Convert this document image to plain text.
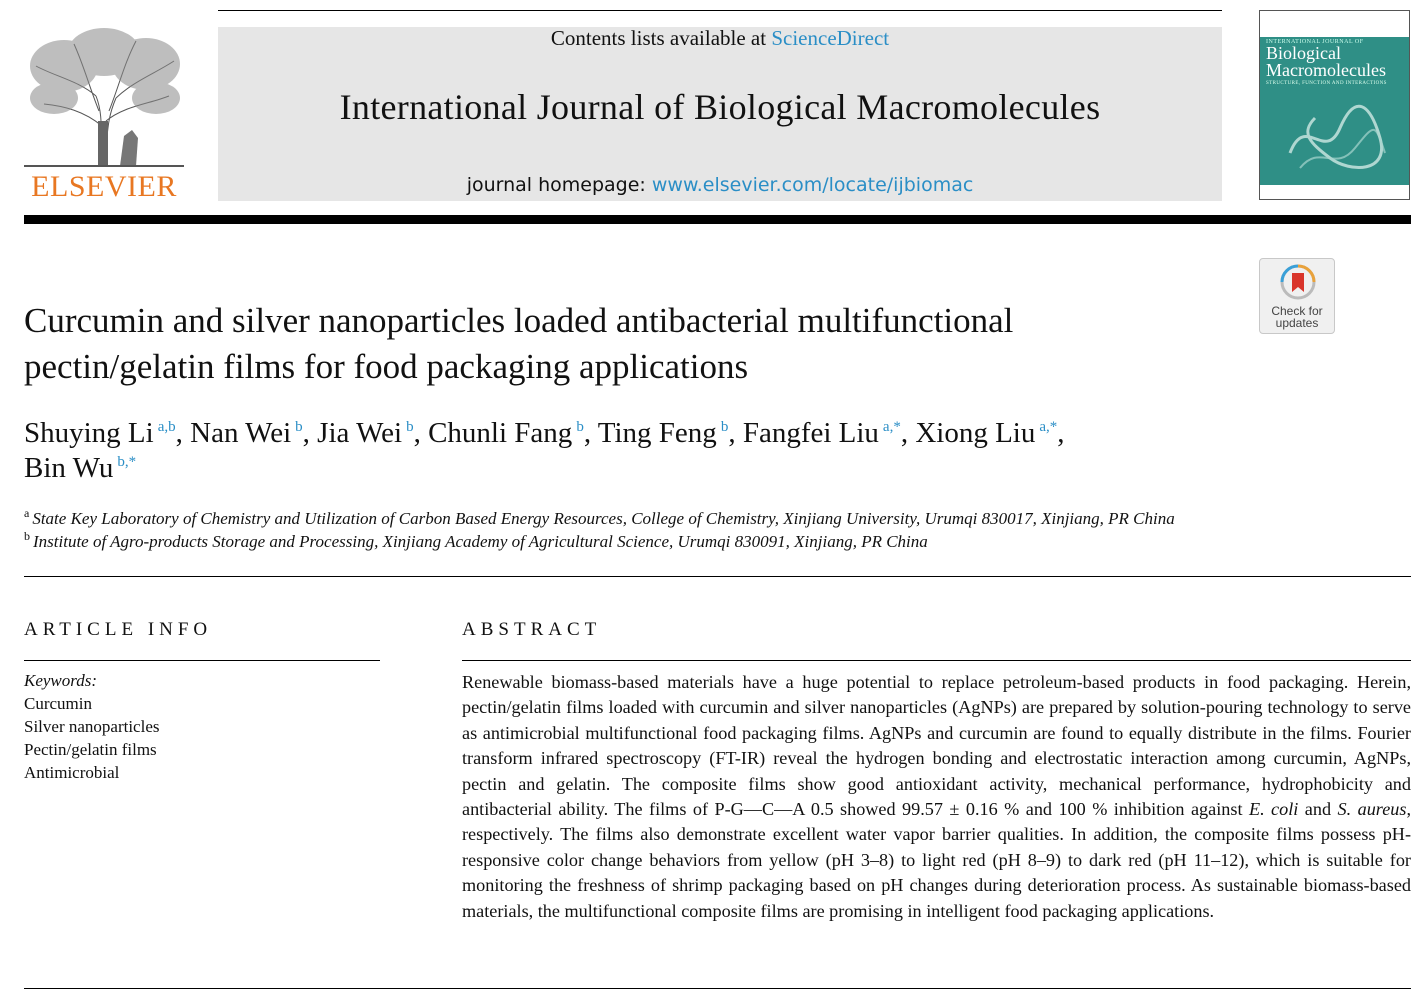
ELSEVIER
Contents lists available at ScienceDirect
International Journal of Biological Macromolecules
journal homepage: www.elsevier.com/locate/ijbiomac
INTERNATIONAL JOURNAL OF
Biological
Macromolecules
STRUCTURE, FUNCTION AND INTERACTIONS
Check for
updates
Curcumin and silver nanoparticles loaded antibacterial multifunctional
pectin/gelatin films for food packaging applications
Shuying Li $^{a,b}$, Nan Wei $^b$, Jia Wei $^b$, Chunli Fang $^b$, Ting Feng $^b$, Fangfei Liu $^{a,*}$, Xiong Liu $^{a,*}$,
Bin Wu $^{b,*}$
$^a$ State Key Laboratory of Chemistry and Utilization of Carbon Based Energy Resources, College of Chemistry, Xinjiang University, Urumqi 830017, Xinjiang, PR China
$^b$ Institute of Agro-products Storage and Processing, Xinjiang Academy of Agricultural Science, Urumqi 830091, Xinjiang, PR China
ARTICLE INFO
Keywords:
Curcumin
Silver nanoparticles
Pectin/gelatin films
Antimicrobial
ABSTRACT
Renewable biomass-based materials have a huge potential to replace petroleum-based products in food packaging. Herein, pectin/gelatin films loaded with curcumin and silver nanoparticles (AgNPs) are prepared by solution-pouring technology to serve as antimicrobial multifunctional food packaging films. AgNPs and curcumin are found to equally distribute in the films. Fourier transform infrared spectroscopy (FT-IR) reveal the hydrogen bonding and electrostatic interaction among curcumin, AgNPs, pectin and gelatin. The composite films show good antioxidant activity, mechanical performance, hydrophobicity and antibacterial ability. The films of P-G—C—A 0.5 showed 99.57 ± 0.16 % and 100 % inhibition against E. coli and S. aureus, respectively. The films also demonstrate excellent water vapor barrier qualities. In addition, the composite films possess pH-responsive color change behaviors from yellow (pH 3–8) to light red (pH 8–9) to dark red (pH 11–12), which is suitable for monitoring the freshness of shrimp packaging based on pH changes during deterioration process. As sustainable biomass-based materials, the multifunctional composite films are promising in intelligent food packaging applications.
